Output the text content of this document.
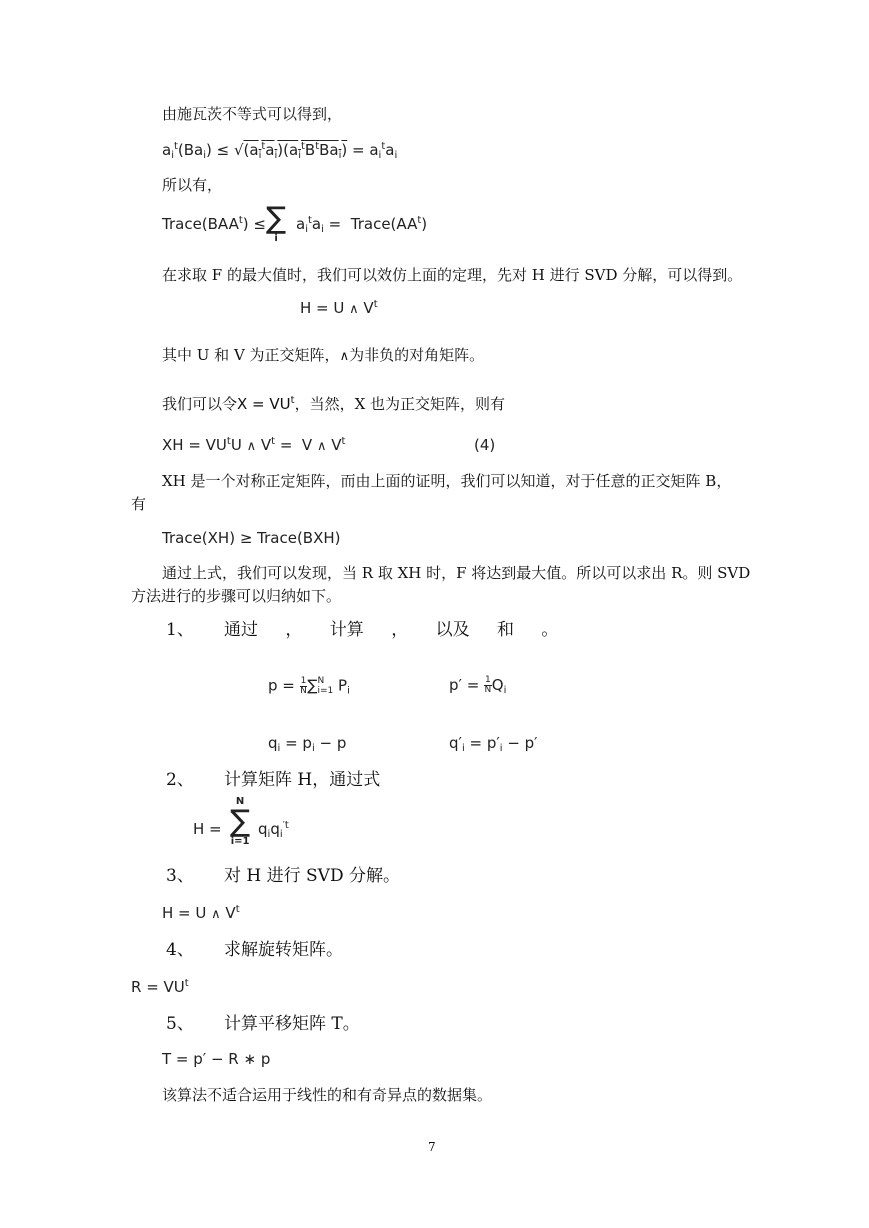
由施瓦茨不等式可以得到，
$a_i^t(Ba_i) \le √(a_i^ta_i)(a_i^tB^tBa_i) = a_i^ta_i$
所以有，
$Trace(BAA^t)$ ≤ ∑
i
$a_i^ta_i$ =  $Trace(AA^t)$
在求取 F 的最大值时，我们可以效仿上面的定理，先对 H 进行 SVD 分解，可以得到。
H = U ∧ $V^t$
其中 U 和 V 为正交矩阵，∧为非负的对角矩阵。
我们可以令$X = VU^t$，当然，X 也为正交矩阵，则有
XH = $VU^tU$ ∧ $V^t = V$ ∧ $V^t$	(4)
XH 是一个对称正定矩阵，而由上面的证明，我们可以知道，对于任意的正交矩阵 B，
有
Trace(XH) ≥ Trace(BXH)
通过上式，我们可以发现，当 R 取 XH 时，F 将达到最大值。所以可以求出 R。则 SVD
方法进行的步骤可以归纳如下。
1、 通过 ， 计算 ， 以及 和 。
$p = \frac{1}{N}$ ∑ N
i=1 $P_i$	$p' = \frac{1}{N} Q_i$
$q_i = p_i - p$	$q'_i = p'_i - p'$
2、 计算矩阵 H，通过式
H =
N
∑
i=1
$q_iq_i^{'t}$
3、 对 H 进行 SVD 分解。
H = U ∧ $V^t$
4、 求解旋转矩阵。
$R = VU^t$
5、 计算平移矩阵 T。
T = p′ − R ∗ p
该算法不适合运用于线性的和有奇异点的数据集。
7
